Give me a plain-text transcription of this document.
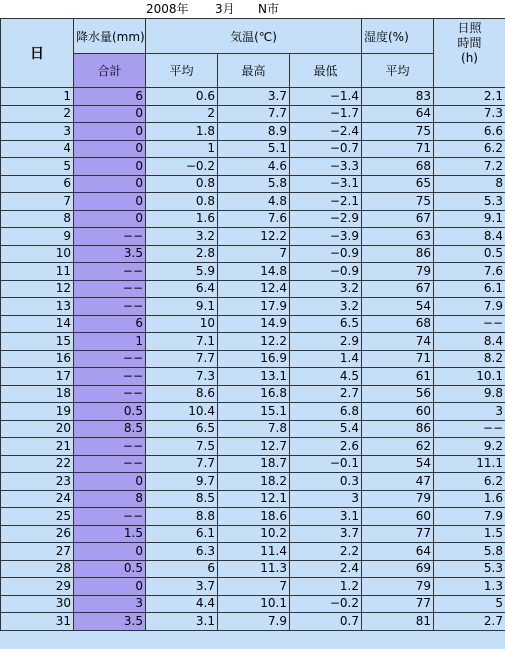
2008年 3月 N市
日	降水量(mm)	気温(℃)			湿度(%)	日照
時間
(h)

	合計	平均	最高	最低	平均	
1	6	0.6	3.7	−1.4	83	2.1
2	0	2	7.7	−1.7	64	7.3
3	0	1.8	8.9	−2.4	75	6.6
4	0	1	5.1	−0.7	71	6.2
5	0	−0.2	4.6	−3.3	68	7.2
6	0	0.8	5.8	−3.1	65	8
7	0	0.8	4.8	−2.1	75	5.3
8	0	1.6	7.6	−2.9	67	9.1
9	−−	3.2	12.2	−3.9	63	8.4
10	3.5	2.8	7	−0.9	86	0.5
11	−−	5.9	14.8	−0.9	79	7.6
12	−−	6.4	12.4	3.2	67	6.1
13	−−	9.1	17.9	3.2	54	7.9
14	6	10	14.9	6.5	68	−−
15	1	7.1	12.2	2.9	74	8.4
16	−−	7.7	16.9	1.4	71	8.2
17	−−	7.3	13.1	4.5	61	10.1
18	−−	8.6	16.8	2.7	56	9.8
19	0.5	10.4	15.1	6.8	60	3
20	8.5	6.5	7.8	5.4	86	−−
21	−−	7.5	12.7	2.6	62	9.2
22	−−	7.7	18.7	−0.1	54	11.1
23	0	9.7	18.2	0.3	47	6.2
24	8	8.5	12.1	3	79	1.6
25	−−	8.8	18.6	3.1	60	7.9
26	1.5	6.1	10.2	3.7	77	1.5
27	0	6.3	11.4	2.2	64	5.8
28	0.5	6	11.3	2.4	69	5.3
29	0	3.7	7	1.2	79	1.3
30	3	4.4	10.1	−0.2	77	5
31	3.5	3.1	7.9	0.7	81	2.7
